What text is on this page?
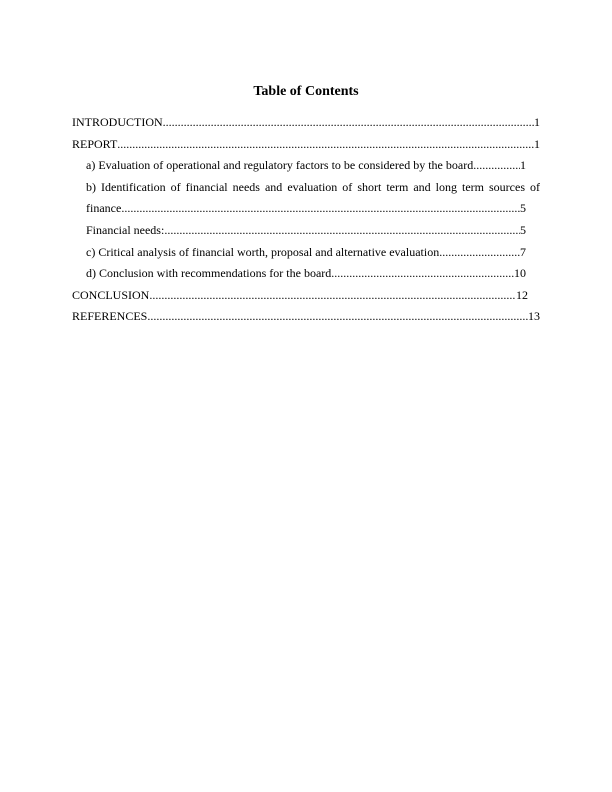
Table of Contents
INTRODUCTION .....	1
REPORT .....	1
a) Evaluation of operational and regulatory factors to be considered by the board .....	1
b) Identification of financial needs and evaluation of short term and long term sources of
finance .....	5
Financial needs: .....	5
c) Critical analysis of financial worth, proposal and alternative evaluation .....	7
d) Conclusion with recommendations for the board .....	10
CONCLUSION .....	12
REFERENCES .....	13
